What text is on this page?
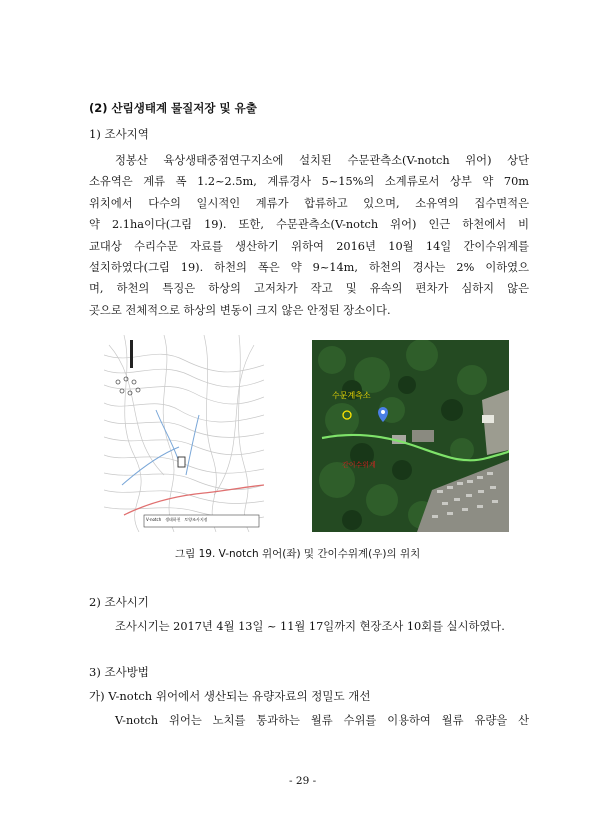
(2) 산림생태계 물질저장 및 유출
1) 조사지역
정봉산 육상생태중점연구지소에 설치된 수문관측소(V-notch 위어) 상단
소유역은 계류 폭 1.2~2.5m, 계류경사 5~15%의 소계류로서 상부 약 70m
위치에서 다수의 일시적인 계류가 합류하고 있으며, 소유역의 집수면적은
약 2.1ha이다(그림 19). 또한, 수문관측소(V-notch 위어) 인근 하천에서 비
교대상 수리수문 자료를 생산하기 위하여 2016년 10월 14일 간이수위계를
설치하였다(그림 19). 하천의 폭은 약 9~14m, 하천의 경사는 2% 이하였으
며, 하천의 특징은 하상의 고저차가 작고 및 유속의 편차가 심하지 않은
곳으로 전체적으로 하상의 변동이 크지 않은 안정된 장소이다.
V-notch 생태하천 토양조사지점
수문계측소
간이수위계
그림 19. V-notch 위어(좌) 및 간이수위계(우)의 위치
2) 조사시기
조사시기는 2017년 4월 13일 ~ 11월 17일까지 현장조사 10회를 실시하였다.
3) 조사방법
가) V-notch 위어에서 생산되는 유량자료의 정밀도 개선
V-notch 위어는 노치를 통과하는 월류 수위를 이용하여 월류 유량을 산
- 29 -
